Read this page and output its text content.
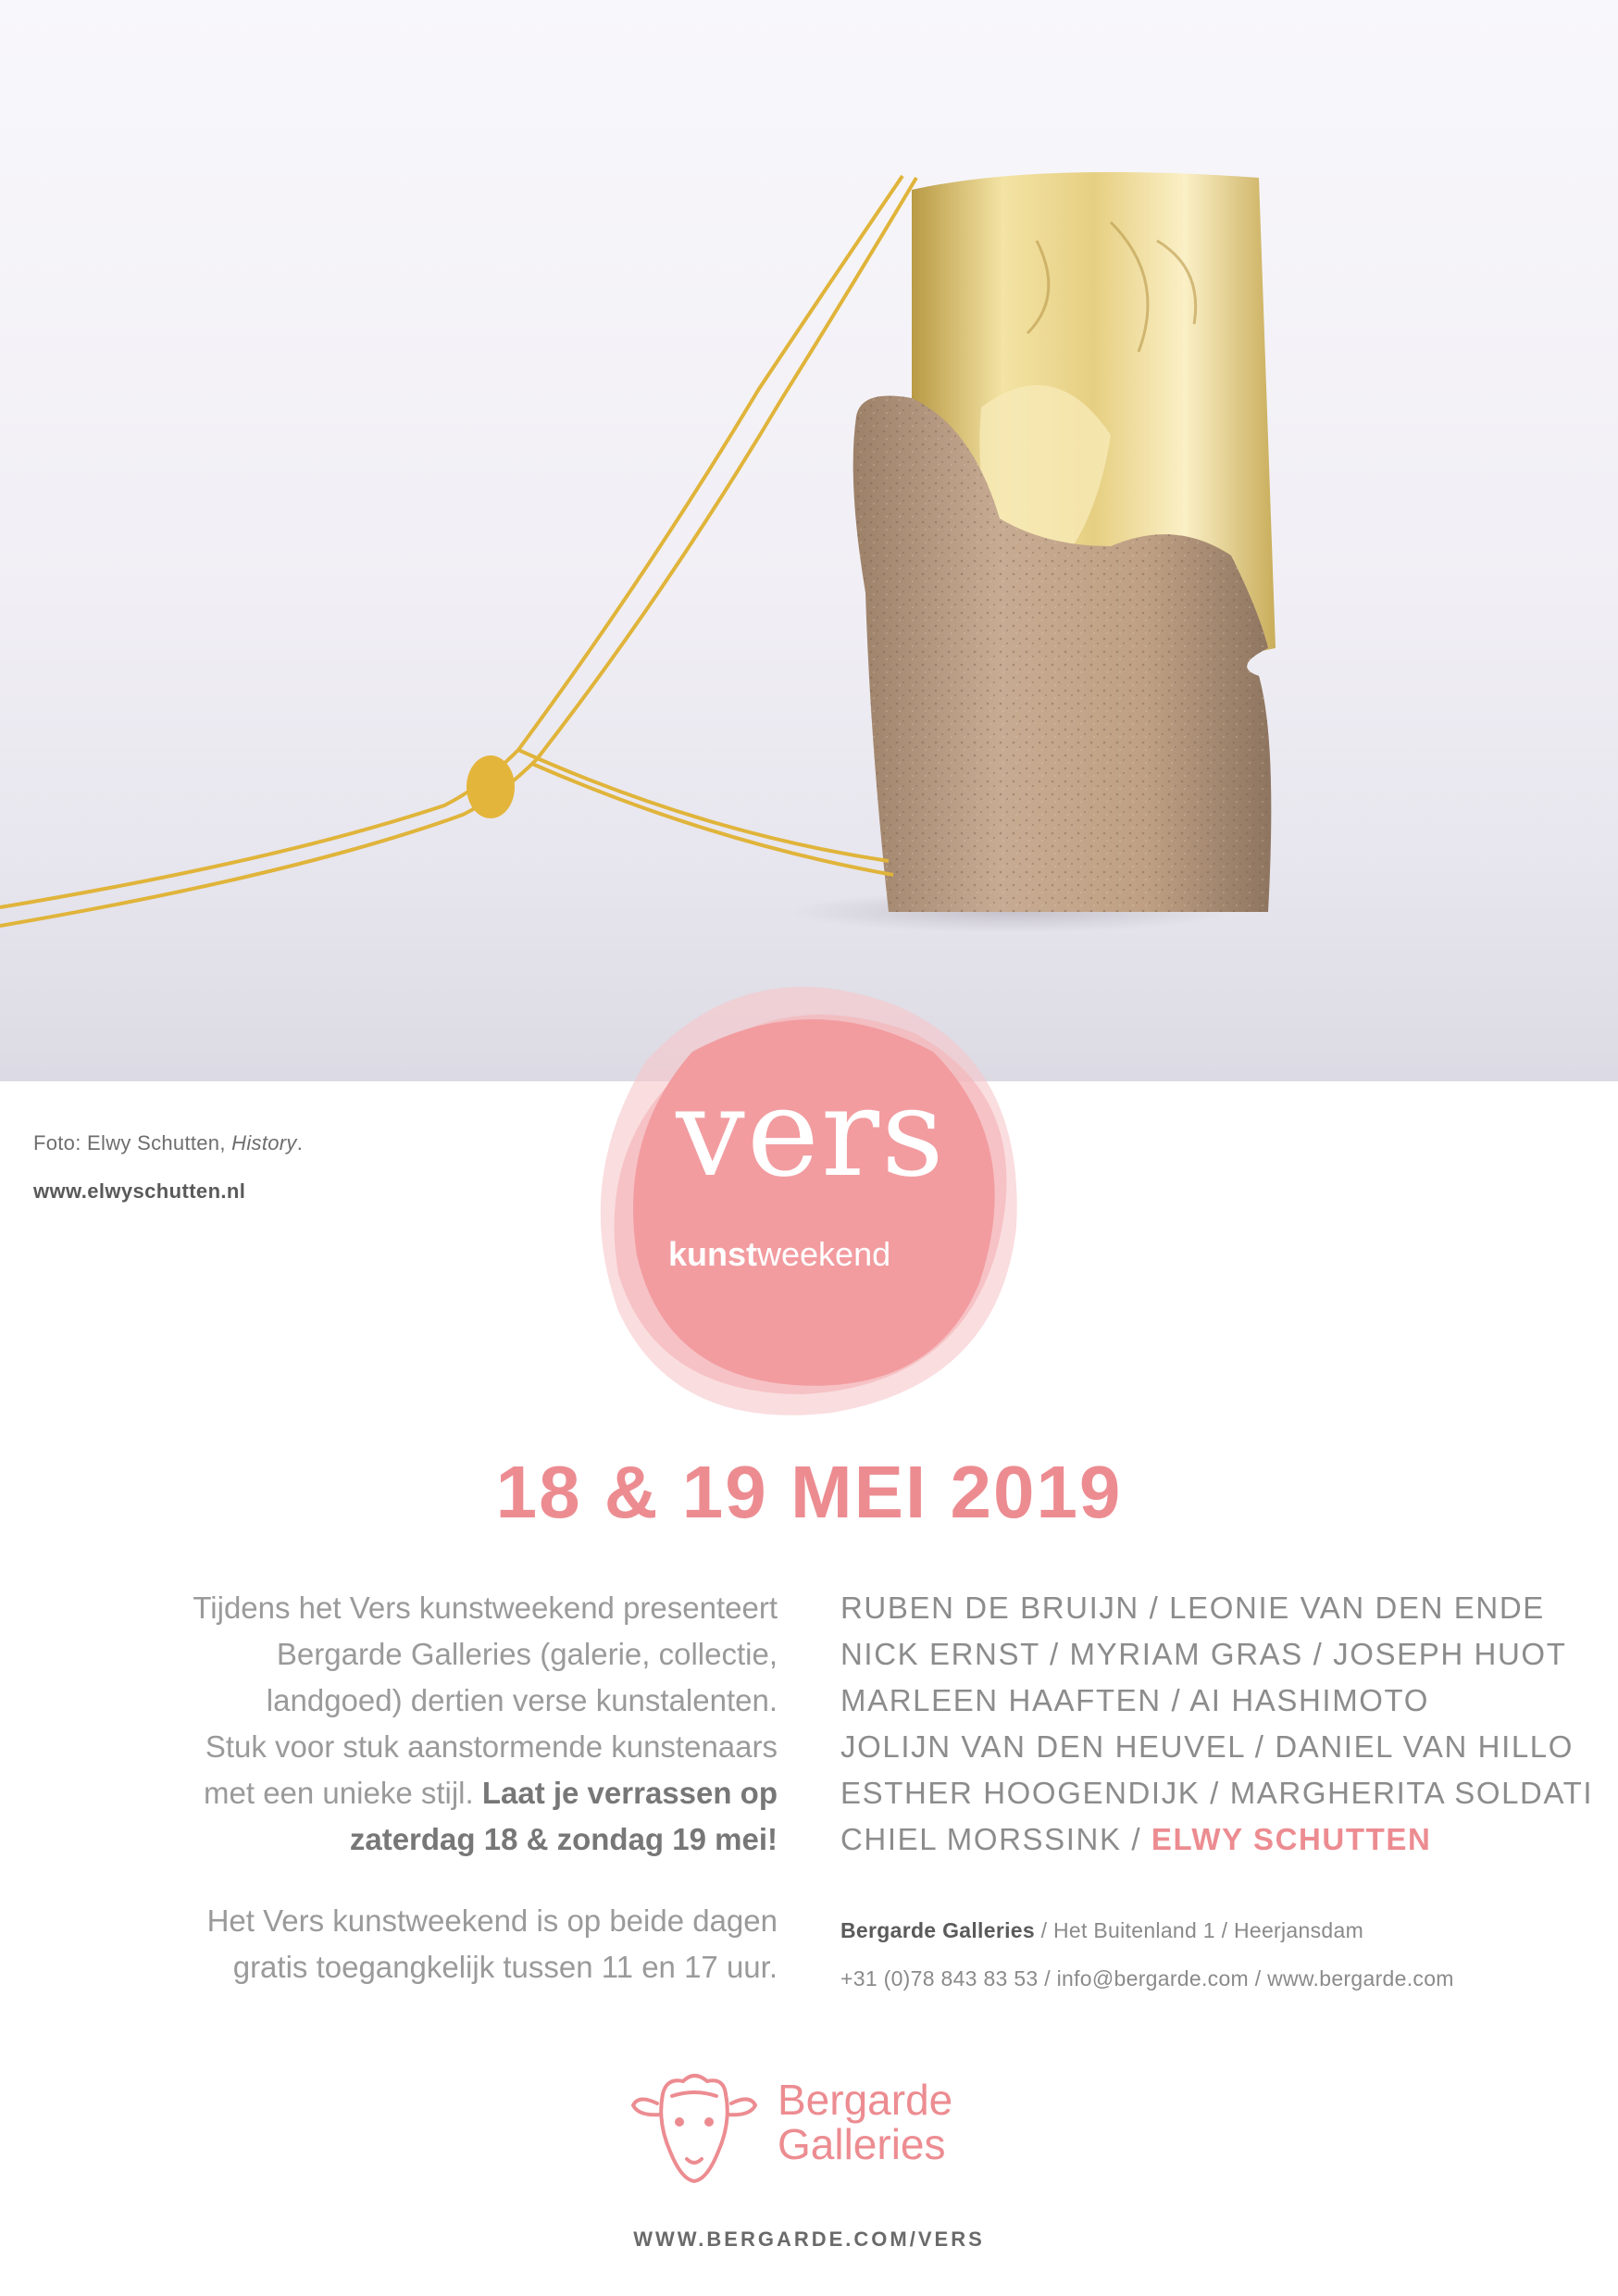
Foto: Elwy Schutten, History.
www.elwyschutten.nl	vers
kunstweekend
18 & 19 MEI 2019
Tijdens het Vers kunstweekend presenteert
Bergarde Galleries (galerie, collectie,
landgoed) dertien verse kunstalenten.
Stuk voor stuk aanstormende kunstenaars
met een unieke stijl. Laat je verrassen op
zaterdag 18 & zondag 19 mei!
Het Vers kunstweekend is op beide dagen
gratis toegangkelijk tussen 11 en 17 uur.
RUBEN DE BRUIJN / LEONIE VAN DEN ENDE
NICK ERNST / MYRIAM GRAS / JOSEPH HUOT
MARLEEN HAAFTEN / AI HASHIMOTO
JOLIJN VAN DEN HEUVEL / DANIEL VAN HILLO
ESTHER HOOGENDIJK / MARGHERITA SOLDATI
CHIEL MORSSINK / ELWY SCHUTTEN
Bergarde Galleries / Het Buitenland 1 / Heerjansdam
+31 (0)78 843 83 53 / info@bergarde.com / www.bergarde.com
Bergarde
Galleries
WWW.BERGARDE.COM/VERS
